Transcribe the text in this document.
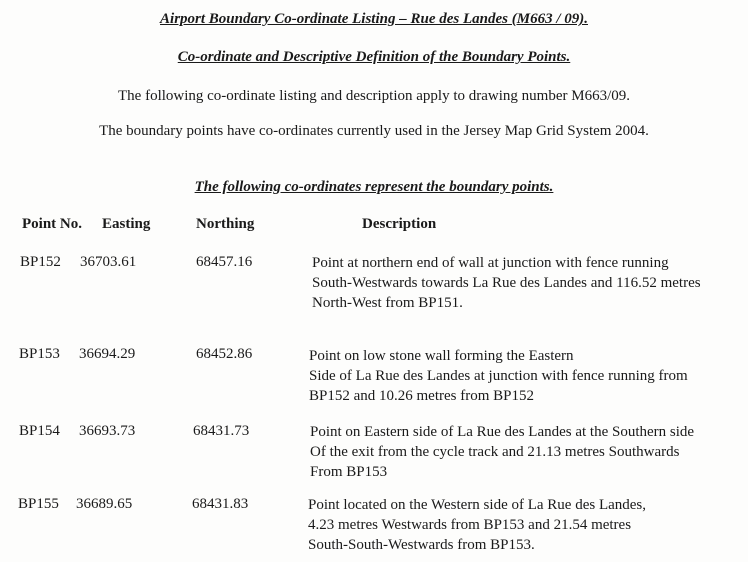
Airport Boundary Co-ordinate Listing – Rue des Landes (M663 / 09).
Co-ordinate and Descriptive Definition of the Boundary Points.
The following co-ordinate listing and description apply to drawing number M663/09.
The boundary points have co-ordinates currently used in the Jersey Map Grid System 2004.
The following co-ordinates represent the boundary points.
Point No. Easting	Northing	Description
BP152 36703.61	68457.16	Point at northern end of wall at junction with fence running
South-Westwards towards La Rue des Landes and 116.52 metres
North-West from BP151.
BP153 36694.29	68452.86	Point on low stone wall forming the Eastern
Side of La Rue des Landes at junction with fence running from
BP152 and 10.26 metres from BP152
BP154 36693.73	68431.73	Point on Eastern side of La Rue des Landes at the Southern side
Of the exit from the cycle track and 21.13 metres Southwards
From BP153
BP155 36689.65	68431.83	Point located on the Western side of La Rue des Landes,
4.23 metres Westwards from BP153 and 21.54 metres
South-South-Westwards from BP153.
